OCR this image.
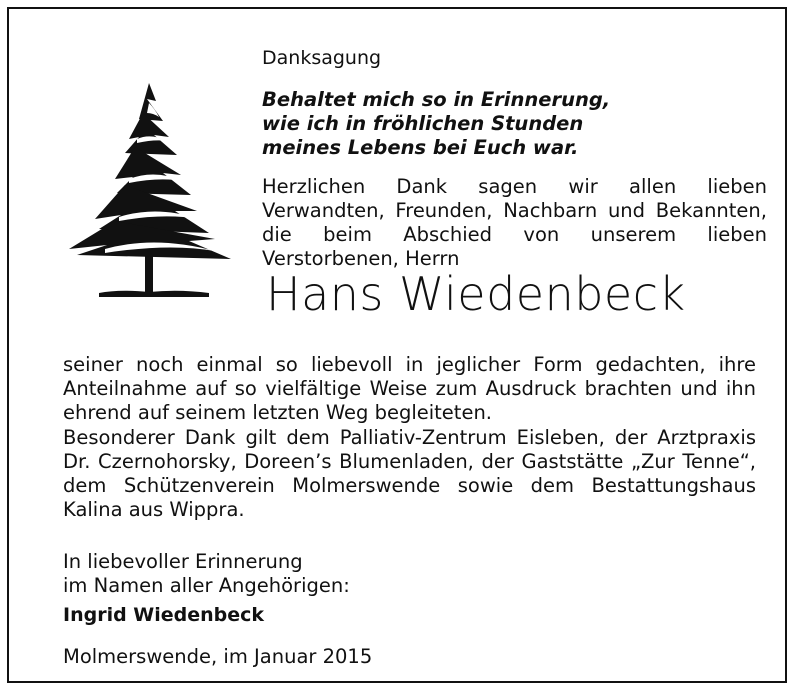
Danksagung
Behaltet mich so in Erinnerung,
wie ich in fröhlichen Stunden
meines Lebens bei Euch war.
Herzlichen Dank sagen wir allen lieben Verwandten, Freunden, Nachbarn und Bekannten, die beim Abschied von unserem lieben Verstorbenen, Herrn
Hans Wiedenbeck

seiner noch einmal so liebevoll in jeglicher Form gedachten, ihre Anteilnahme auf so vielfältige Weise zum Ausdruck brachten und ihn ehrend auf seinem letzten Weg begleiteten.

Besonderer Dank gilt dem Palliativ-Zentrum Eisleben, der Arztpraxis Dr. Czernohorsky, Doreen’s Blumenladen, der Gaststätte „Zur Tenne“, dem Schützenverein Molmerswende sowie dem Bestattungshaus Kalina aus Wippra.

In liebevoller Erinnerung
im Namen aller Angehörigen:
Ingrid Wiedenbeck
Molmerswende, im Januar 2015
